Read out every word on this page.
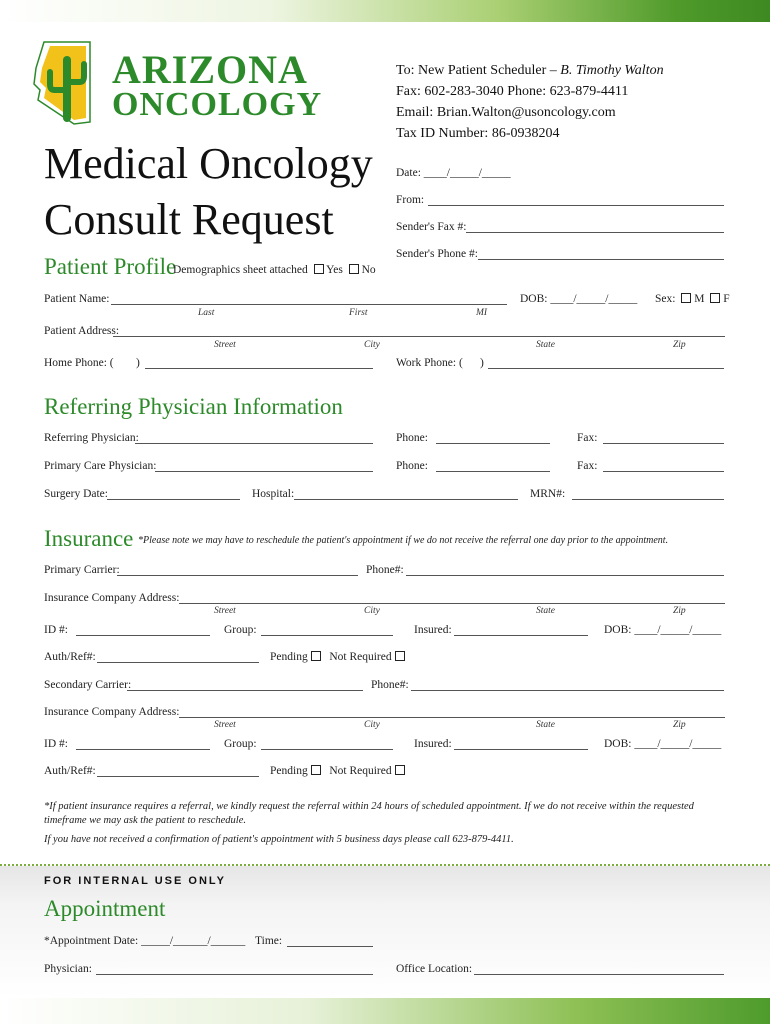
ARIZONA
ONCOLOGY
Medical Oncology
Consult Request
To: New Patient Scheduler – B. Timothy Walton
Fax: 602-283-3040 Phone: 623-879-4411
Email: Brian.Walton@usoncology.com
Tax ID Number: 86-0938204
Date: ____/_____/_____
From:
Sender's Fax #:
Sender's Phone #:
Patient Profile
Demographics sheet attached Yes No
Patient Name:
Last	First	MI
DOB: ____/_____/_____ Sex: M F
Patient Address:
Street	City	State	Zip
Home Phone: ( )	Work Phone: ( )
Referring Physician Information
Referring Physician:	Phone:	Fax:
Primary Care Physician:	Phone:	Fax:
Surgery Date:	Hospital:	MRN#:
Insurance *Please note we may have to reschedule the patient's appointment if we do not receive the referral one day prior to the appointment.
Primary Carrier:	Phone#:
Insurance Company Address:
Street	City	State	Zip
ID #:	Group:	Insured:	DOB: ____/_____/_____
Auth/Ref#:	Pending Not Required
Secondary Carrier:	Phone#:
Insurance Company Address:
Street	City	State	Zip
ID #:	Group:	Insured:	DOB: ____/_____/_____
Auth/Ref#:	Pending Not Required
*If patient insurance requires a referral, we kindly request the referral within 24 hours of scheduled appointment. If we do not receive within the requested timeframe we may ask the patient to reschedule.
If you have not received a confirmation of patient's appointment with 5 business days please call 623-879-4411.
FOR INTERNAL USE ONLY
Appointment
*Appointment Date: _____/______/______ Time:
Physician:	Office Location:
